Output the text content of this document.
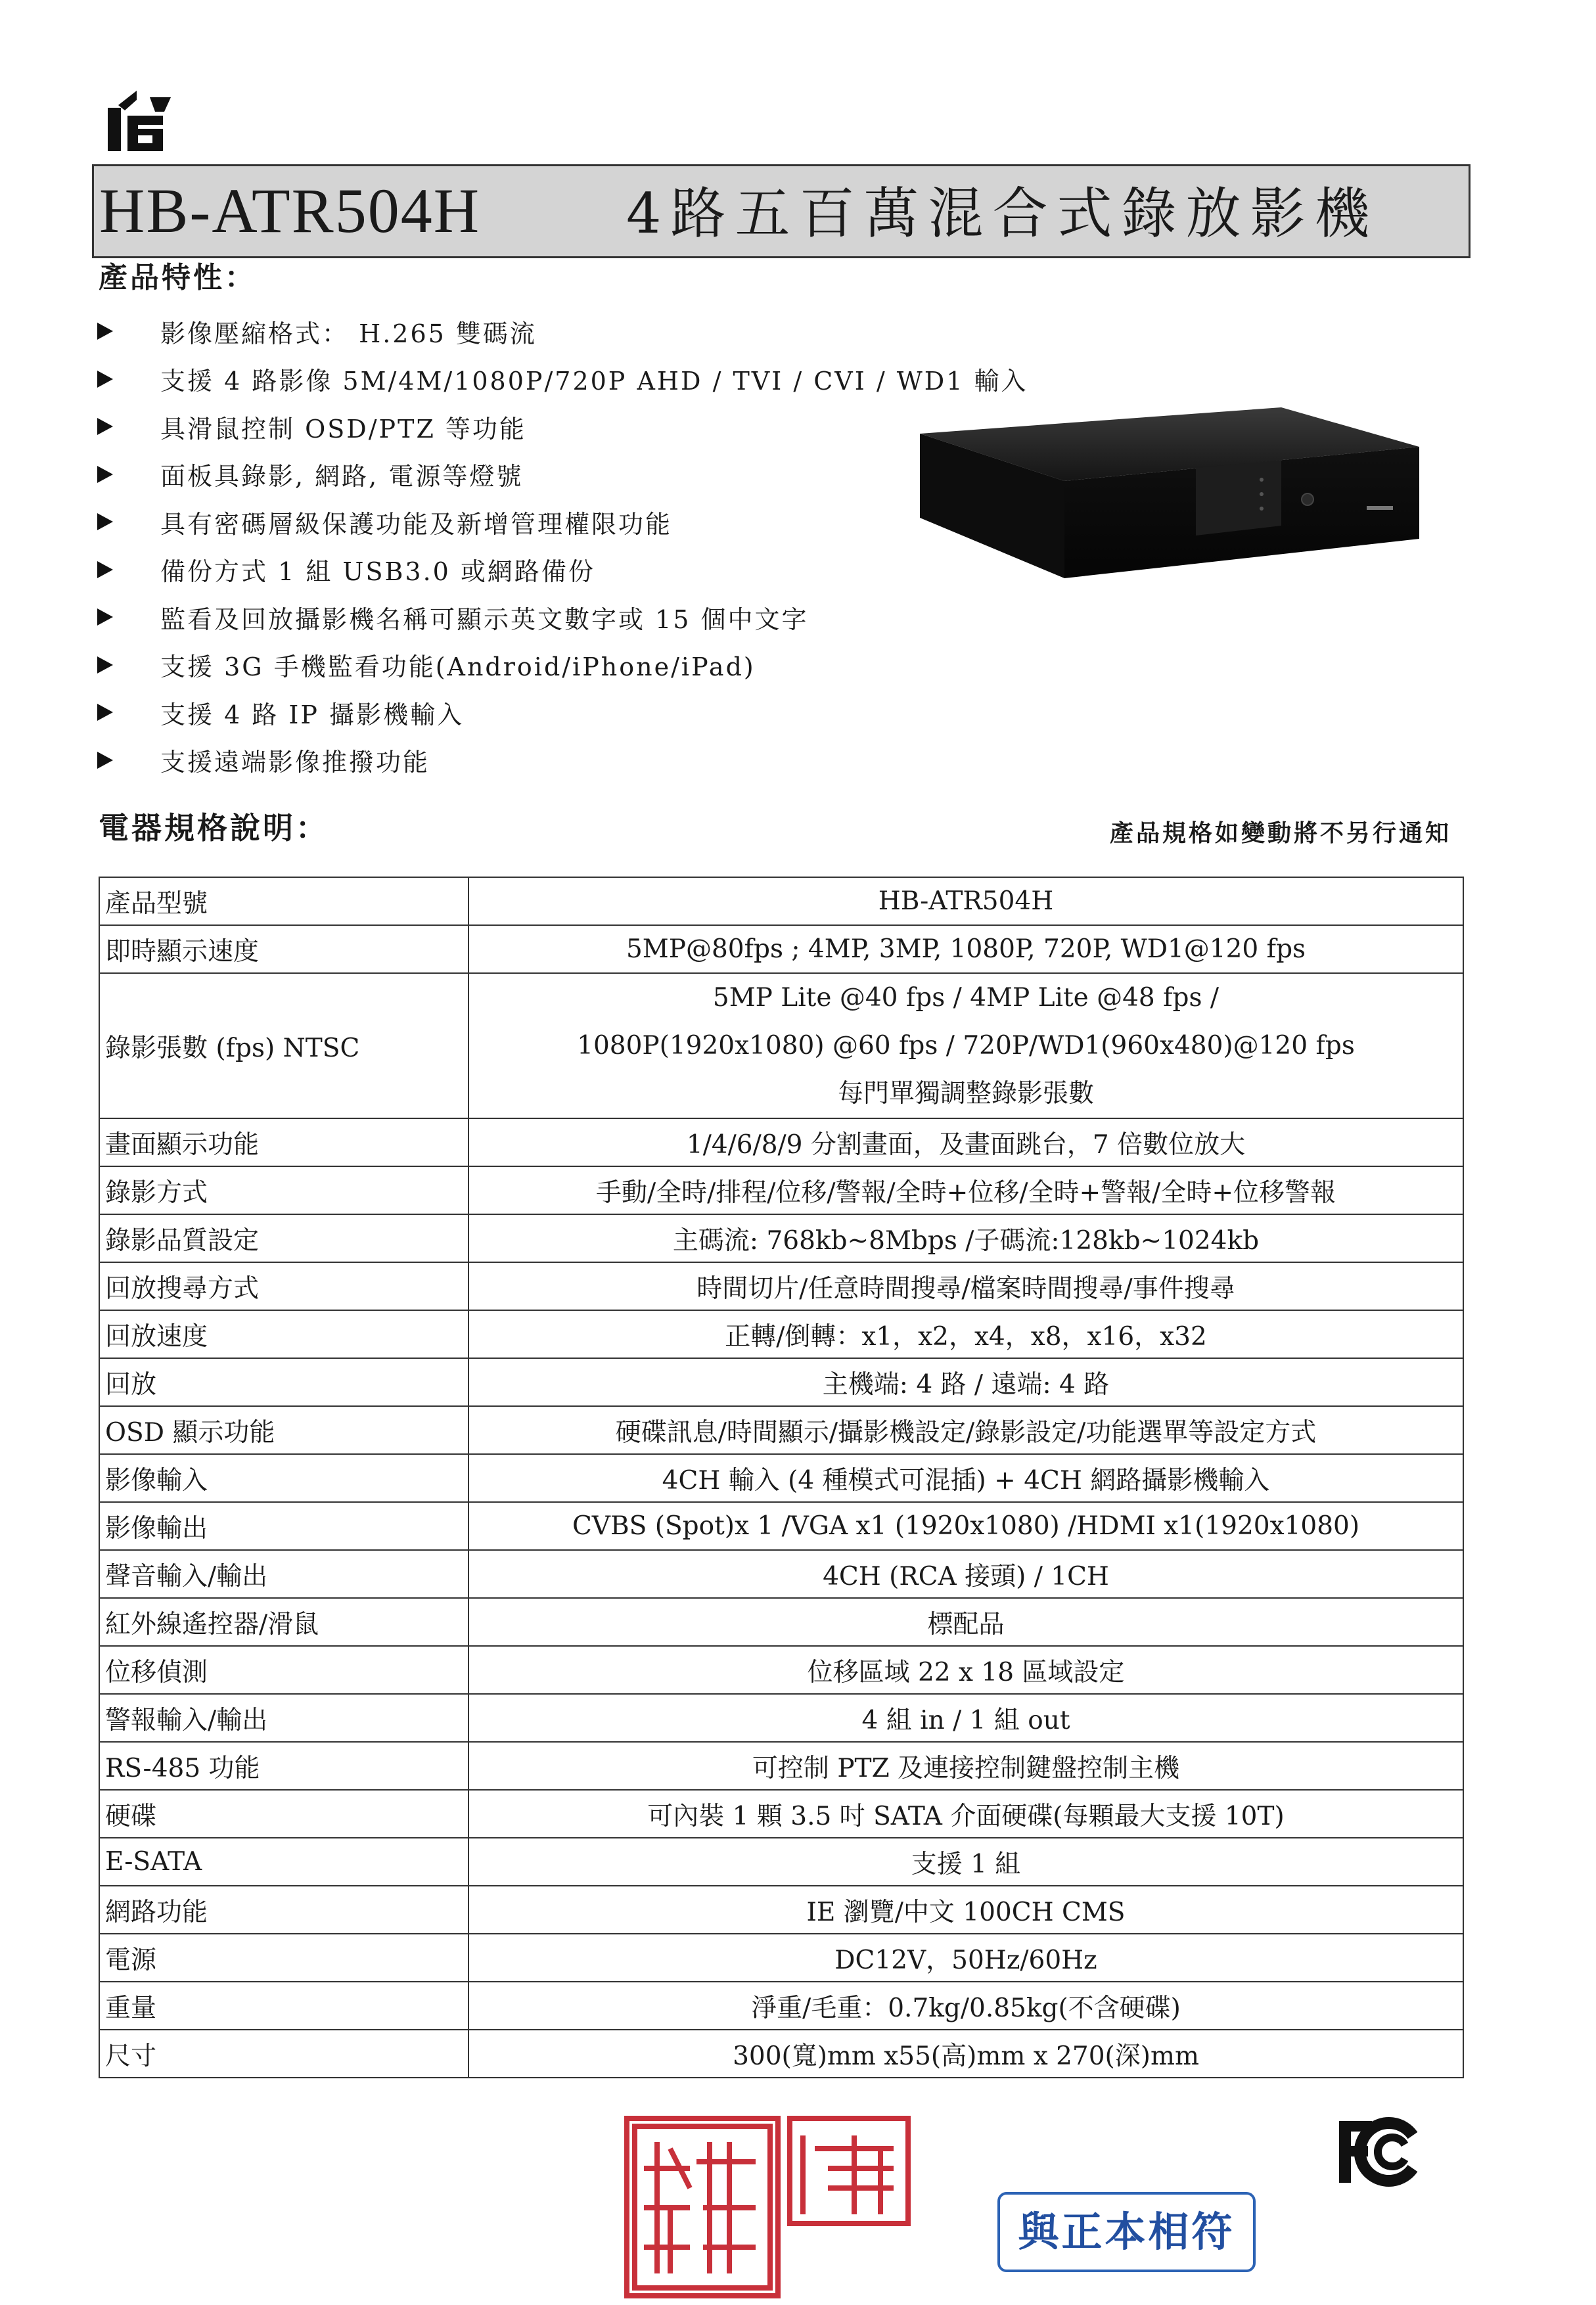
HB-ATR504H	4路五百萬混合式錄放影機
產品特性：
影像壓縮格式： H.265 雙碼流
支援 4 路影像 5M/4M/1080P/720P AHD / TVI / CVI / WD1 輸入
具滑鼠控制 OSD/PTZ 等功能
面板具錄影, 網路, 電源等燈號
具有密碼層級保護功能及新增管理權限功能
備份方式 1 組 USB3.0 或網路備份
監看及回放攝影機名稱可顯示英文數字或 15 個中文字
支援 3G 手機監看功能(Android/iPhone/iPad)
支援 4 路 IP 攝影機輸入
支援遠端影像推撥功能
電器規格說明：	產品規格如變動將不另行通知
產品型號	HB-ATR504H
即時顯示速度	5MP@80fps ; 4MP, 3MP, 1080P, 720P, WD1@120 fps
錄影張數 (fps) NTSC	5MP Lite @40 fps / 4MP Lite @48 fps /
1080P(1920x1080) @60 fps / 720P/WD1(960x480)@120 fps
每門單獨調整錄影張數

畫面顯示功能	1/4/6/8/9 分割畫面，及畫面跳台，7 倍數位放大
錄影方式	手動/全時/排程/位移/警報/全時+位移/全時+警報/全時+位移警報
錄影品質設定	主碼流: 768kb~8Mbps /子碼流:128kb~1024kb
回放搜尋方式	時間切片/任意時間搜尋/檔案時間搜尋/事件搜尋
回放速度	正轉/倒轉：x1，x2，x4，x8，x16，x32
回放	主機端: 4 路 / 遠端: 4 路
OSD 顯示功能	硬碟訊息/時間顯示/攝影機設定/錄影設定/功能選單等設定方式
影像輸入	4CH 輸入 (4 種模式可混插) + 4CH 網路攝影機輸入
影像輸出	CVBS (Spot)x 1 /VGA x1 (1920x1080) /HDMI x1(1920x1080)
聲音輸入/輸出	4CH (RCA 接頭) / 1CH
紅外線遙控器/滑鼠	標配品
位移偵測	位移區域 22 x 18 區域設定
警報輸入/輸出	4 組 in / 1 組 out
RS-485 功能	可控制 PTZ 及連接控制鍵盤控制主機
硬碟	可內裝 1 顆 3.5 吋 SATA 介面硬碟(每顆最大支援 10T)
E-SATA	支援 1 組
網路功能	IE 瀏覽/中文 100CH CMS
電源	DC12V，50Hz/60Hz
重量	淨重/毛重：0.7kg/0.85kg(不含硬碟)
尺寸	300(寬)mm x55(高)mm x 270(深)mm
與正本相符
